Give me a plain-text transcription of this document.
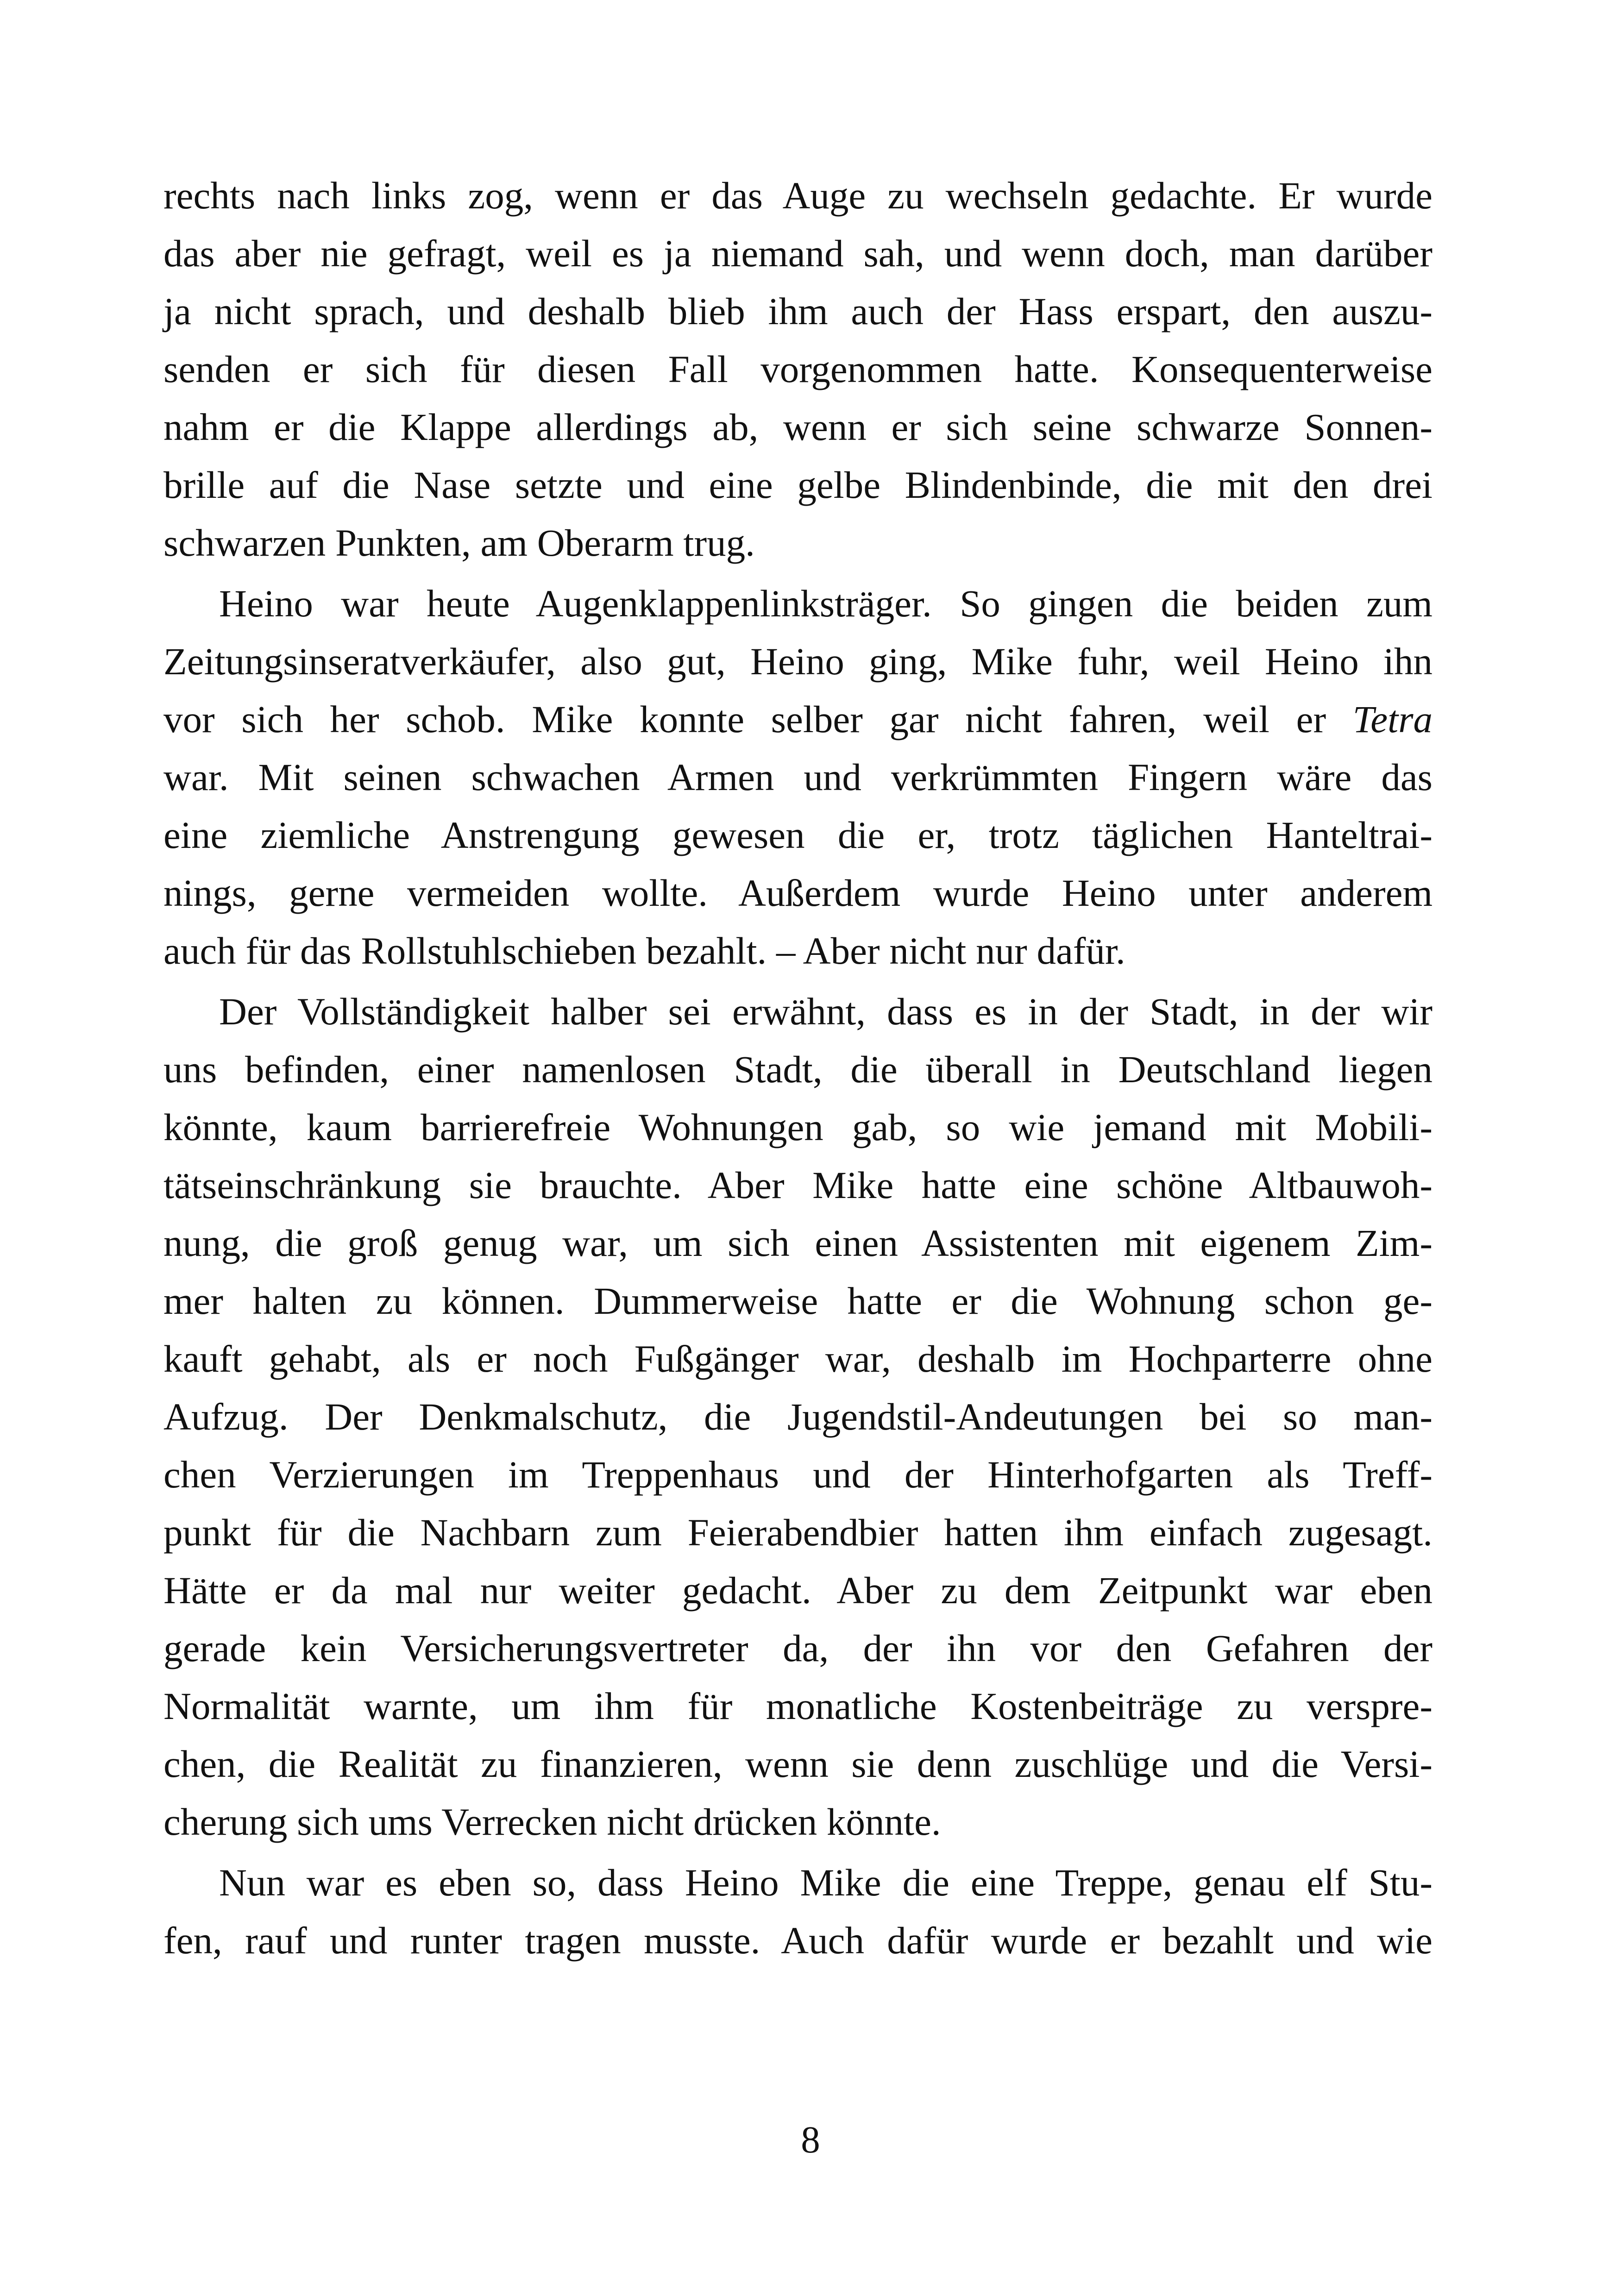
rechts nach links zog, wenn er das Auge zu wechseln gedachte. Er wurde
das aber nie gefragt, weil es ja niemand sah, und wenn doch, man darüber
ja nicht sprach, und deshalb blieb ihm auch der Hass erspart, den auszu-
senden er sich für diesen Fall vorgenommen hatte. Konsequenterweise
nahm er die Klappe allerdings ab, wenn er sich seine schwarze Sonnen-
brille auf die Nase setzte und eine gelbe Blindenbinde, die mit den drei
schwarzen Punkten, am Oberarm trug.

Heino war heute Augenklappenlinksträger. So gingen die beiden zum
Zeitungsinseratverkäufer, also gut, Heino ging, Mike fuhr, weil Heino ihn
vor sich her schob. Mike konnte selber gar nicht fahren, weil er Tetra
war. Mit seinen schwachen Armen und verkrümmten Fingern wäre das
eine ziemliche Anstrengung gewesen die er, trotz täglichen Hanteltrai-
nings, gerne vermeiden wollte. Außerdem wurde Heino unter anderem
auch für das Rollstuhlschieben bezahlt. – Aber nicht nur dafür.

Der Vollständigkeit halber sei erwähnt, dass es in der Stadt, in der wir
uns befinden, einer namenlosen Stadt, die überall in Deutschland liegen
könnte, kaum barrierefreie Wohnungen gab, so wie jemand mit Mobili-
tätseinschränkung sie brauchte. Aber Mike hatte eine schöne Altbauwoh-
nung, die groß genug war, um sich einen Assistenten mit eigenem Zim-
mer halten zu können. Dummerweise hatte er die Wohnung schon ge-
kauft gehabt, als er noch Fußgänger war, deshalb im Hochparterre ohne
Aufzug. Der Denkmalschutz, die Jugendstil-Andeutungen bei so man-
chen Verzierungen im Treppenhaus und der Hinterhofgarten als Treff-
punkt für die Nachbarn zum Feierabendbier hatten ihm einfach zugesagt.
Hätte er da mal nur weiter gedacht. Aber zu dem Zeitpunkt war eben
gerade kein Versicherungsvertreter da, der ihn vor den Gefahren der
Normalität warnte, um ihm für monatliche Kostenbeiträge zu verspre-
chen, die Realität zu finanzieren, wenn sie denn zuschlüge und die Versi-
cherung sich ums Verrecken nicht drücken könnte.

Nun war es eben so, dass Heino Mike die eine Treppe, genau elf Stu-
fen, rauf und runter tragen musste. Auch dafür wurde er bezahlt und wie

8
